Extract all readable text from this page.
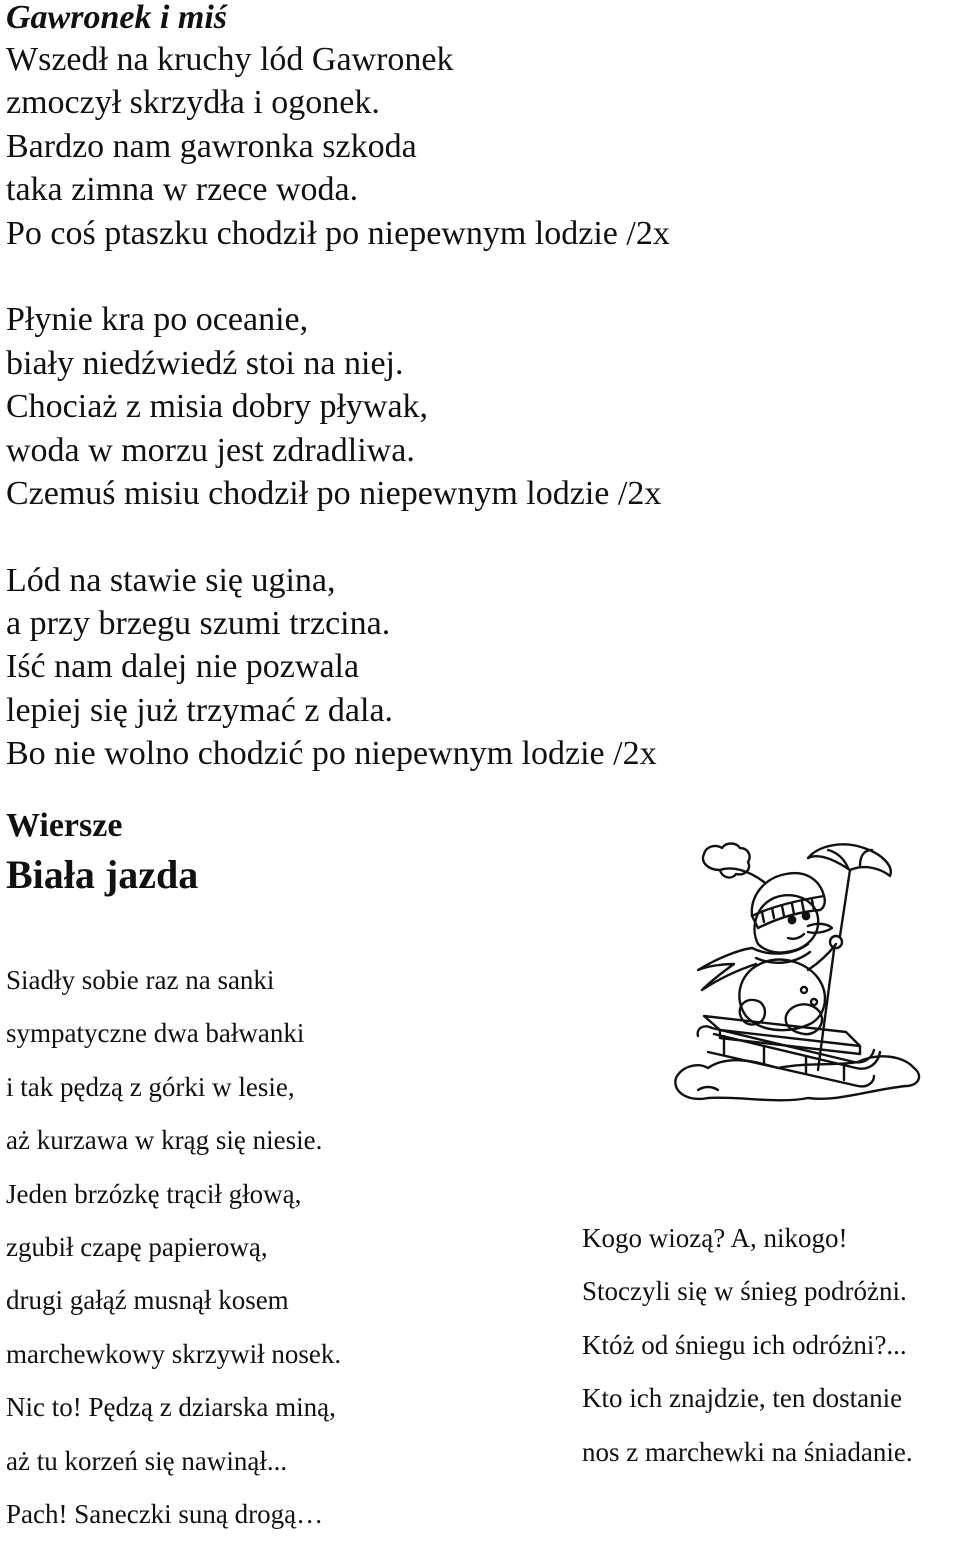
Gawronek i miś
Wszedł na kruchy lód Gawronek
zmoczył skrzydła i ogonek.
Bardzo nam gawronka szkoda
taka zimna w rzece woda.
Po coś ptaszku chodził po niepewnym lodzie /2x
Płynie kra po oceanie,
biały niedźwiedź stoi na niej.
Chociaż z misia dobry pływak,
woda w morzu jest zdradliwa.
Czemuś misiu chodził po niepewnym lodzie /2x
Lód na stawie się ugina,
a przy brzegu szumi trzcina.
Iść nam dalej nie pozwala
lepiej się już trzymać z dala.
Bo nie wolno chodzić po niepewnym lodzie /2x
Wiersze
Biała jazda
Siadły sobie raz na sanki
sympatyczne dwa bałwanki
i tak pędzą z górki w lesie,
aż kurzawa w krąg się niesie.
Jeden brzózkę trącił głową,
zgubił czapę papierową,
drugi gałąź musnął kosem
marchewkowy skrzywił nosek.
Nic to! Pędzą z dziarska miną,
aż tu korzeń się nawinął...
Pach! Saneczki suną drogą…
Kogo wiozą? A, nikogo!
Stoczyli się w śnieg podróżni.
Któż od śniegu ich odróżni?...
Kto ich znajdzie, ten dostanie
nos z marchewki na śniadanie.
